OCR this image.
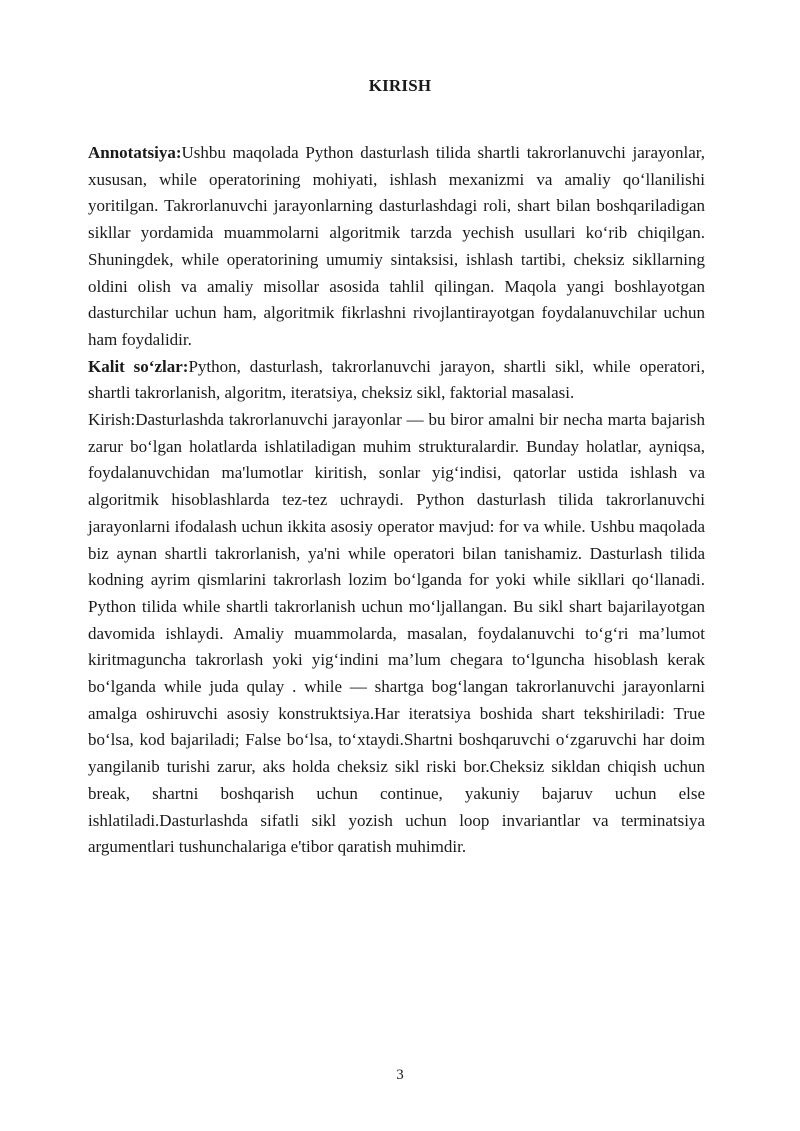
KIRISH

Annotatsiya:Ushbu maqolada Python dasturlash tilida shartli takrorlanuvchi jarayonlar, xususan, while operatorining mohiyati, ishlash mexanizmi va amaliy qo‘llanilishi yoritilgan. Takrorlanuvchi jarayonlarning dasturlashdagi roli, shart bilan boshqariladigan sikllar yordamida muammolarni algoritmik tarzda yechish usullari ko‘rib chiqilgan. Shuningdek, while operatorining umumiy sintaksisi, ishlash tartibi, cheksiz sikllarning oldini olish va amaliy misollar asosida tahlil qilingan. Maqola yangi boshlayotgan dasturchilar uchun ham, algoritmik fikrlashni rivojlantirayotgan foydalanuvchilar uchun ham foydalidir.

Kalit so‘zlar:Python, dasturlash, takrorlanuvchi jarayon, shartli sikl, while operatori, shartli takrorlanish, algoritm, iteratsiya, cheksiz sikl, faktorial masalasi.

Kirish:Dasturlashda takrorlanuvchi jarayonlar — bu biror amalni bir necha marta bajarish zarur bo‘lgan holatlarda ishlatiladigan muhim strukturalardir. Bunday holatlar, ayniqsa, foydalanuvchidan ma'lumotlar kiritish, sonlar yig‘indisi, qatorlar ustida ishlash va algoritmik hisoblashlarda tez-tez uchraydi. Python dasturlash tilida takrorlanuvchi jarayonlarni ifodalash uchun ikkita asosiy operator mavjud: for va while. Ushbu maqolada biz aynan shartli takrorlanish, ya'ni while operatori bilan tanishamiz. Dasturlash tilida kodning ayrim qismlarini takrorlash lozim bo‘lganda for yoki while sikllari qo‘llanadi. Python tilida while shartli takrorlanish uchun mo‘ljallangan. Bu sikl shart bajarilayotgan davomida ishlaydi. Amaliy muammolarda, masalan, foydalanuvchi to‘g‘ri ma’lumot kiritmaguncha takrorlash yoki yig‘indini ma’lum chegara to‘lguncha hisoblash kerak bo‘lganda while juda qulay . while — shartga bog‘langan takrorlanuvchi jarayonlarni amalga oshiruvchi asosiy konstruktsiya.Har iteratsiya boshida shart tekshiriladi: True bo‘lsa, kod bajariladi; False bo‘lsa, to‘xtaydi.Shartni boshqaruvchi o‘zgaruvchi har doim yangilanib turishi zarur, aks holda cheksiz sikl riski bor.Cheksiz sikldan chiqish uchun break, shartni boshqarish uchun continue, yakuniy bajaruv uchun else ishlatiladi.Dasturlashda sifatli sikl yozish uchun loop invariantlar va terminatsiya argumentlari tushunchalariga e'tibor qaratish muhimdir.

3
